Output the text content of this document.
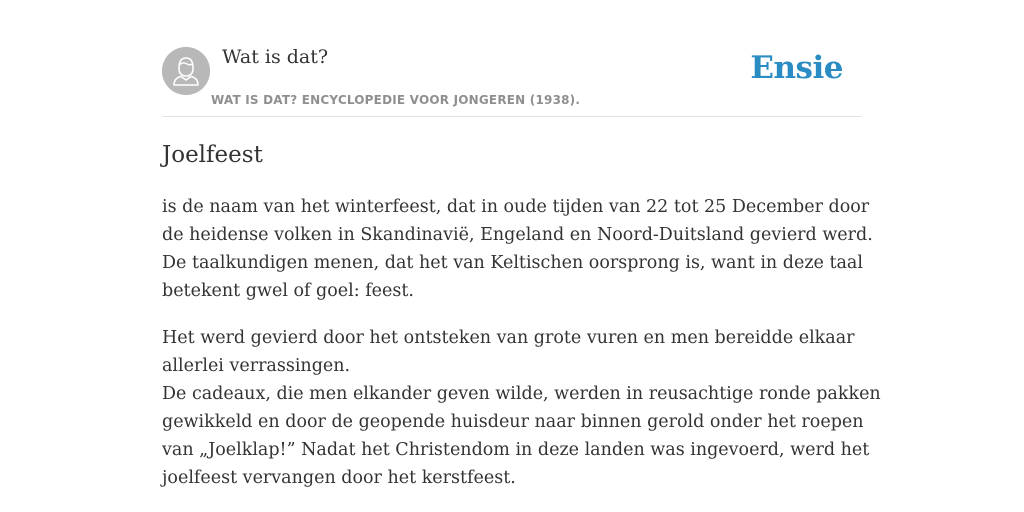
Wat is dat?
WAT IS DAT? ENCYCLOPEDIE VOOR JONGEREN (1938).
Ensie
Joelfeest

is de naam van het winterfeest, dat in oude tijden van 22 tot 25 December door
de heidense volken in Skandinavië, Engeland en Noord-Duitsland gevierd werd.
De taalkundigen menen, dat het van Keltischen oorsprong is, want in deze taal
betekent gwel of goel: feest.

Het werd gevierd door het ontsteken van grote vuren en men bereidde elkaar
allerlei verrassingen.
De cadeaux, die men elkander geven wilde, werden in reusachtige ronde pakken
gewikkeld en door de geopende huisdeur naar binnen gerold onder het roepen
van „Joelklap!” Nadat het Christendom in deze landen was ingevoerd, werd het
joelfeest vervangen door het kerstfeest.
